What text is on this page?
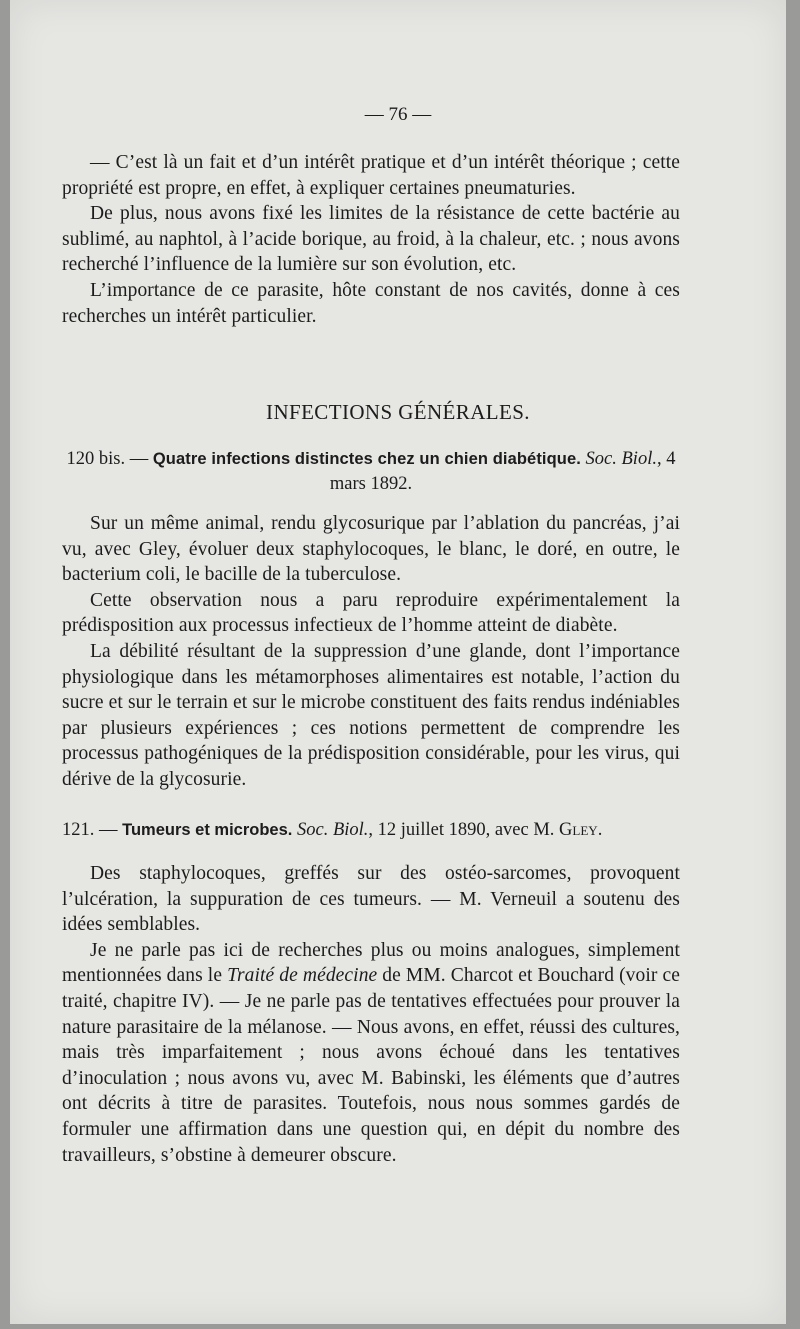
— 76 —

— C’est là un fait et d’un intérêt pratique et d’un intérêt théorique ; cette propriété est propre, en effet, à expliquer certaines pneumaturies.

De plus, nous avons fixé les limites de la résistance de cette bactérie au sublimé, au naphtol, à l’acide borique, au froid, à la chaleur, etc. ; nous avons recherché l’influence de la lumière sur son évolution, etc.

L’importance de ce parasite, hôte constant de nos cavités, donne à ces recherches un intérêt particulier.

INFECTIONS GÉNÉRALES.

120 bis. — Quatre infections distinctes chez un chien diabétique. Soc. Biol., 4 mars 1892.

Sur un même animal, rendu glycosurique par l’ablation du pancréas, j’ai vu, avec Gley, évoluer deux staphylocoques, le blanc, le doré, en outre, le bacterium coli, le bacille de la tuberculose.

Cette observation nous a paru reproduire expérimentalement la prédisposition aux processus infectieux de l’homme atteint de diabète.

La débilité résultant de la suppression d’une glande, dont l’importance physiologique dans les métamorphoses alimentaires est notable, l’action du sucre et sur le terrain et sur le microbe constituent des faits rendus indéniables par plusieurs expériences ; ces notions permettent de comprendre les processus pathogéniques de la prédisposition considérable, pour les virus, qui dérive de la glycosurie.

121. — Tumeurs et microbes. Soc. Biol., 12 juillet 1890, avec M. Gley.

Des staphylocoques, greffés sur des ostéo-sarcomes, provoquent l’ulcération, la suppuration de ces tumeurs. — M. Verneuil a soutenu des idées semblables.

Je ne parle pas ici de recherches plus ou moins analogues, simplement mentionnées dans le Traité de médecine de MM. Charcot et Bouchard (voir ce traité, chapitre IV). — Je ne parle pas de tentatives effectuées pour prouver la nature parasitaire de la mélanose. — Nous avons, en effet, réussi des cultures, mais très imparfaitement ; nous avons échoué dans les tentatives d’inoculation ; nous avons vu, avec M. Babinski, les éléments que d’autres ont décrits à titre de parasites. Toutefois, nous nous sommes gardés de formuler une affirmation dans une question qui, en dépit du nombre des travailleurs, s’obstine à demeurer obscure.
